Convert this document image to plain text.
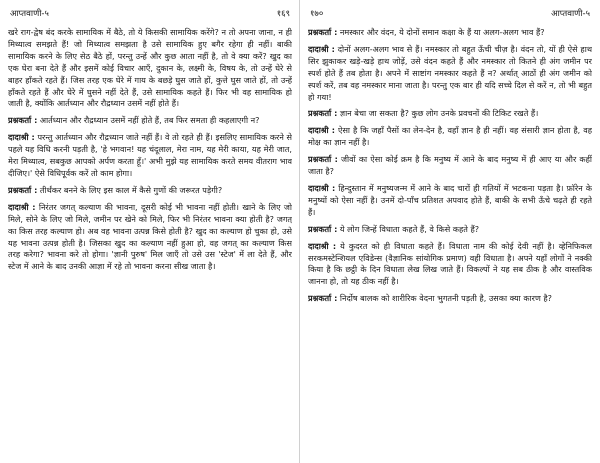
आप्तवाणी-५	१६९

खरे राग-द्वेष बंद करके सामायिक में बैठे, तो ये किसकी सामायिक करेंगे? न तो अपना जाना, न ही मिथ्यात्व समझते हैं! जो मिथ्यात्व समझता है उसे सामायिक हुए बगैर रहेगा ही नहीं। बाकी सामायिक करने के लिए सेठ बैठे हों, परन्तु उन्हें और कुछ आता नहीं है, तो वे क्या करें? खुद का एक घेरा बना देते हैं और इसमें कोई विचार आएँ, दुकान के, लक्ष्मी के, विषय के, तो उन्हें घेरे से बाहर हाँकते रहते हैं। जिस तरह एक घेरे में गाय के बछड़े घुस जाते हों, कुत्ते घुस जाते हों, तो उन्हें हाँकते रहते हैं और घेरे में घुसने नहीं देते हैं, उसे सामायिक कहते हैं। फिर भी वह सामायिक हो जाती है, क्योंकि आर्तध्यान और रौद्रध्यान उसमें नहीं होते हैं।

प्रश्नकर्ता : आर्तध्यान और रौद्रध्यान उसमें नहीं होते हैं, तब फिर समता ही कहलाएगी न?

दादाश्री : परन्तु आर्तध्यान और रौद्रध्यान जाते नहीं हैं। वे तो रहते ही हैं। इसलिए सामायिक करने से पहले यह विधि करनी पड़ती है, 'हे भगवान! यह चंदूलाल, मेरा नाम, यह मेरी काया, यह मेरी जात, मेरा मिथ्यात्व, सबकुछ आपको अर्पण करता हूँ।' अभी मुझे यह सामायिक करते समय वीतराग भाव दीजिए।' ऐसे विधिपूर्वक करें तो काम होगा।

प्रश्नकर्ता : तीर्थंकर बनने के लिए इस काल में कैसे गुणों की जरूरत पड़ेगी?

दादाश्री : निरंतर जगत् कल्याण की भावना, दूसरी कोई भी भावना नहीं होती। खाने के लिए जो मिले, सोने के लिए जो मिले, जमीन पर खेने को मिले, फिर भी निरंतर भावना क्या होती है? जगत् का किस तरह कल्याण हो। अब वह भावना उत्पन्न किसे होती है? खुद का कल्याण हो चुका हो, उसे यह भावना उत्पन्न होती है। जिसका खुद का कल्याण नहीं हुआ हो, वह जगत् का कल्याण किस तरह करेगा? भावना करे तो होगा। 'ज्ञानी पुरुष' मिल जाएँ तो उसे उस 'स्टेज' में ला देते हैं, और स्टेज में आने के बाद उनकी आज्ञा में रहे तो भावना करना सीख जाता है।

१७०	आप्तवाणी-५

प्रश्नकर्ता : नमस्कार और वंदन, ये दोनों समान कक्षा के हैं या अलग-अलग भाव हैं?

दादाश्री : दोनों अलग-अलग भाव से हैं। नमस्कार तो बहुत ऊँची चीज़ है। वंदन तो, यों ही ऐसे हाथ सिर झुकाकर खड़े-खड़े हाथ जोड़ें, उसे वंदन कहते हैं और नमस्कार तो कितने ही अंग जमीन पर स्पर्श होते हैं तब होता है। अपने में साष्टांग नमस्कार कहते हैं न? अर्थात् आठों ही अंग जमीन को स्पर्श करें, तब वह नमस्कार माना जाता है। परन्तु एक बार ही यदि सच्चे दिल से करें न, तो भी बहुत हो गया!

प्रश्नकर्ता : ज्ञान बेचा जा सकता है? कुछ लोग उनके प्रवचनों की टिकिट रखते हैं।

दादाश्री : ऐसा है कि जहाँ पैसों का लेन-देन है, वहाँ ज्ञान है ही नहीं। वह संसारी ज्ञान होता है, वह मोक्ष का ज्ञान नहीं है।

प्रश्नकर्ता : जीवों का ऐसा कोई क्रम है कि मनुष्य में आने के बाद मनुष्य में ही आए या और कहीं जाता है?

दादाश्री : हिन्दुस्तान में मनुष्यजन्म में आने के बाद चारों ही गतियों में भटकना पड़ता है। फ़ॉरेन के मनुष्यों को ऐसा नहीं है। उनमें दो-पाँच प्रतिशत अपवाद होते हैं, बाकी के सभी ऊँचे चढ़ते ही रहते हैं।

प्रश्नकर्ता : ये लोग जिन्हें विधाता कहते हैं, वे किसे कहते हैं?

दादाश्री : ये कुदरत को ही विधाता कहते हैं। विधाता नाम की कोई देवी नहीं है। व्हेनिफिकल सरकमस्टेन्शियल एविडेन्स (वैज्ञानिक सांयोगिक प्रमाण) वही विधाता है। अपने यहाँ लोगों ने नक्की किया है कि छट्ठी के दिन विधाता लेख लिख जाते हैं। विकल्पों ने यह सब ठीक है और वास्तविक जानना हो, तो यह ठीक नहीं है।

प्रश्नकर्ता : निर्दोष बालक को शारीरिक वेदना भुगतनी पड़ती है, उसका क्या कारण है?
